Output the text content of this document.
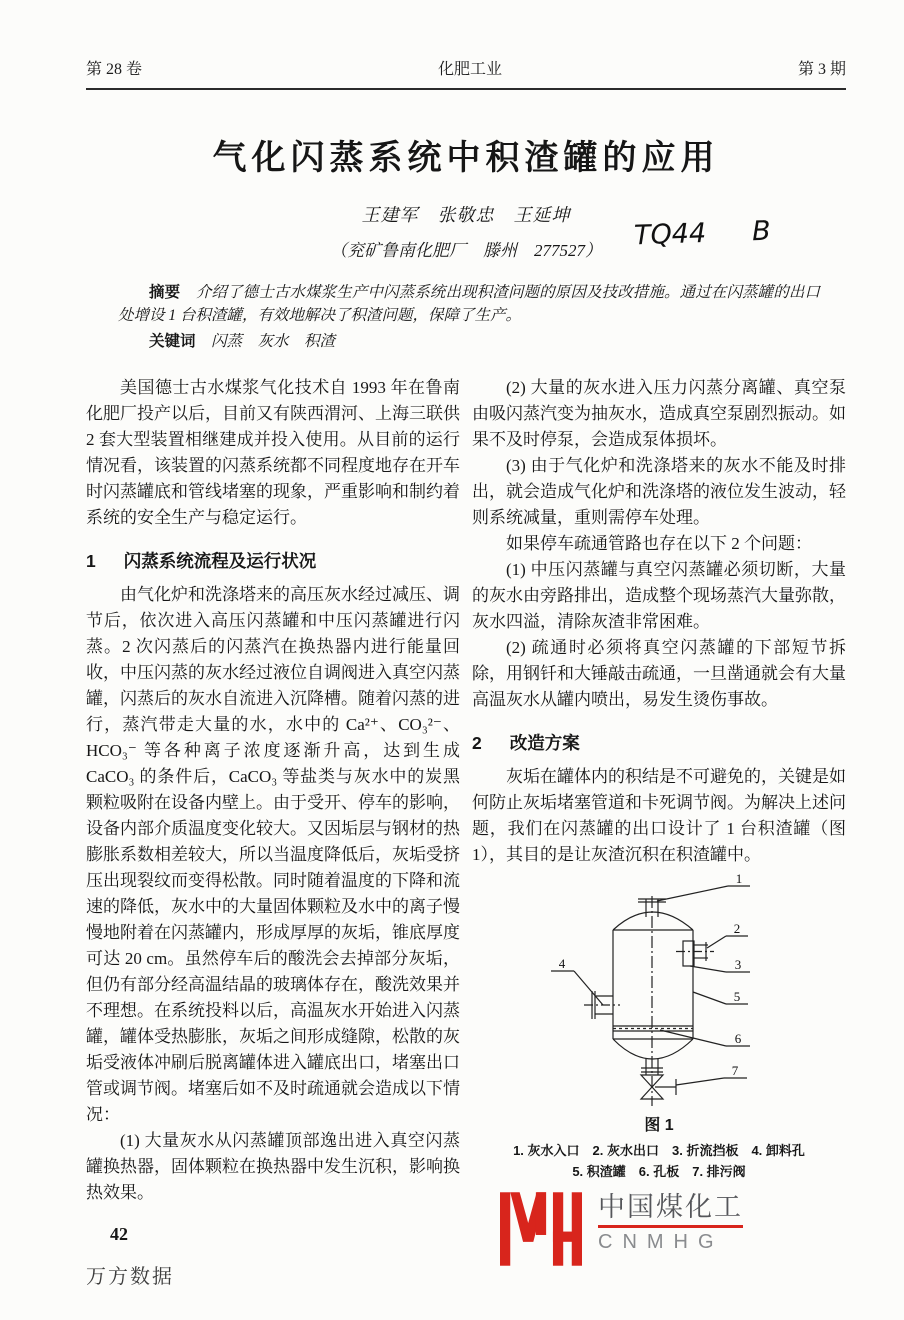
第 28 卷	化肥工业	第 3 期
气化闪蒸系统中积渣罐的应用
王建军　张敬忠　王延坤
（兖矿鲁南化肥厂　滕州　277527）	TQ44 B

摘要 介绍了德士古水煤浆生产中闪蒸系统出现积渣问题的原因及技改措施。通过在闪蒸罐的出口处增设 1 台积渣罐，有效地解决了积渣问题，保障了生产。

关键词 闪蒸 灰水 积渣

美国德士古水煤浆气化技术自 1993 年在鲁南化肥厂投产以后，目前又有陕西渭河、上海三联供 2 套大型装置相继建成并投入使用。从目前的运行情况看，该装置的闪蒸系统都不同程度地存在开车时闪蒸罐底和管线堵塞的现象，严重影响和制约着系统的安全生产与稳定运行。

1 闪蒸系统流程及运行状况

由气化炉和洗涤塔来的高压灰水经过减压、调节后，依次进入高压闪蒸罐和中压闪蒸罐进行闪蒸。2 次闪蒸后的闪蒸汽在换热器内进行能量回收，中压闪蒸的灰水经过液位自调阀进入真空闪蒸罐，闪蒸后的灰水自流进入沉降槽。随着闪蒸的进行，蒸汽带走大量的水，水中的 Ca²⁺、CO₃²⁻、HCO₃⁻ 等各种离子浓度逐渐升高，达到生成 CaCO₃ 的条件后，CaCO₃ 等盐类与灰水中的炭黑颗粒吸附在设备内壁上。由于受开、停车的影响，设备内部介质温度变化较大。又因垢层与钢材的热膨胀系数相差较大，所以当温度降低后，灰垢受挤压出现裂纹而变得松散。同时随着温度的下降和流速的降低，灰水中的大量固体颗粒及水中的离子慢慢地附着在闪蒸罐内，形成厚厚的灰垢，锥底厚度可达 20 cm。虽然停车后的酸洗会去掉部分灰垢，但仍有部分经高温结晶的玻璃体存在，酸洗效果并不理想。在系统投料以后，高温灰水开始进入闪蒸罐，罐体受热膨胀，灰垢之间形成缝隙，松散的灰垢受液体冲刷后脱离罐体进入罐底出口，堵塞出口管或调节阀。堵塞后如不及时疏通就会造成以下情况：

(1) 大量灰水从闪蒸罐顶部逸出进入真空闪蒸罐换热器，固体颗粒在换热器中发生沉积，影响换热效果。

42

(2) 大量的灰水进入压力闪蒸分离罐、真空泵由吸闪蒸汽变为抽灰水，造成真空泵剧烈振动。如果不及时停泵，会造成泵体损坏。

(3) 由于气化炉和洗涤塔来的灰水不能及时排出，就会造成气化炉和洗涤塔的液位发生波动，轻则系统减量，重则需停车处理。

如果停车疏通管路也存在以下 2 个问题：

(1) 中压闪蒸罐与真空闪蒸罐必须切断，大量的灰水由旁路排出，造成整个现场蒸汽大量弥散，灰水四溢，清除灰渣非常困难。

(2) 疏通时必须将真空闪蒸罐的下部短节拆除，用钢钎和大锤敲击疏通，一旦凿通就会有大量高温灰水从罐内喷出，易发生烫伤事故。

2 改造方案

灰垢在罐体内的积结是不可避免的，关键是如何防止灰垢堵塞管道和卡死调节阀。为解决上述问题，我们在闪蒸罐的出口设计了 1 台积渣罐（图 1），其目的是让灰渣沉积在积渣罐中。

1
2
3
4
5
6
7
图 1
1. 灰水入口　2. 灰水出口　3. 折流挡板　4. 卸料孔
5. 积渣罐　6. 孔板　7. 排污阀
中国煤化工
CNMHG
万方数据
